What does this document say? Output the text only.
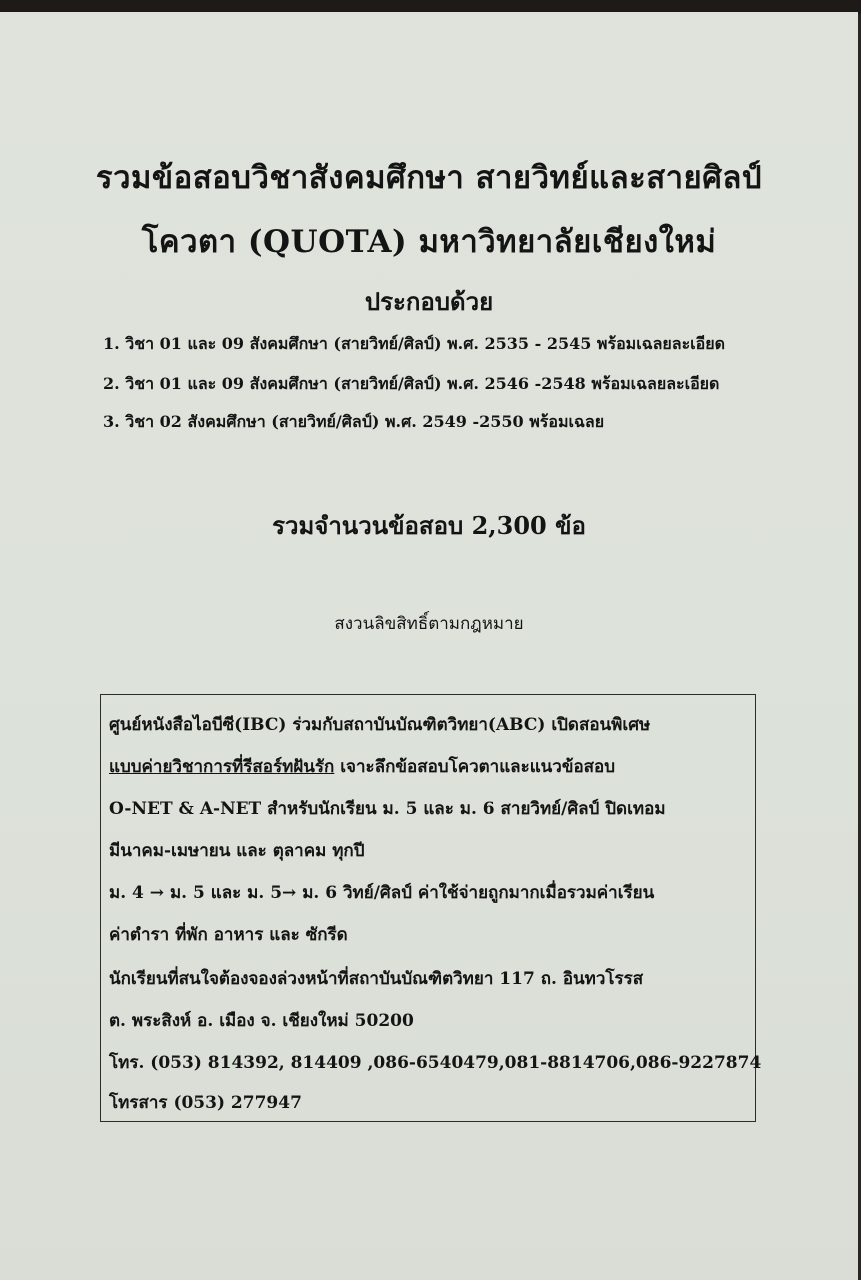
รวมข้อสอบวิชาสังคมศึกษา สายวิทย์และสายศิลป์
โควตา (QUOTA) มหาวิทยาลัยเชียงใหม่
ประกอบด้วย
1. วิชา 01 และ 09 สังคมศึกษา (สายวิทย์/ศิลป์) พ.ศ. 2535 - 2545 พร้อมเฉลยละเอียด
2. วิชา 01 และ 09 สังคมศึกษา (สายวิทย์/ศิลป์) พ.ศ. 2546 -2548 พร้อมเฉลยละเอียด
3. วิชา 02 สังคมศึกษา (สายวิทย์/ศิลป์) พ.ศ. 2549 -2550 พร้อมเฉลย
รวมจำนวนข้อสอบ 2,300 ข้อ
สงวนลิขสิทธิ์ตามกฎหมาย
ศูนย์หนังสือไอบีซี(IBC) ร่วมกับสถาบันบัณฑิตวิทยา(ABC) เปิดสอนพิเศษ
แบบค่ายวิชาการที่รีสอร์ทฝันรัก เจาะลึกข้อสอบโควตาและแนวข้อสอบ
O-NET & A-NET สำหรับนักเรียน ม. 5 และ ม. 6 สายวิทย์/ศิลป์ ปิดเทอม
มีนาคม-เมษายน และ ตุลาคม ทุกปี
ม. 4 → ม. 5 และ ม. 5→ ม. 6 วิทย์/ศิลป์ ค่าใช้จ่ายถูกมากเมื่อรวมค่าเรียน
ค่าตำรา ที่พัก อาหาร และ ซักรีด
นักเรียนที่สนใจต้องจองล่วงหน้าที่สถาบันบัณฑิตวิทยา 117 ถ. อินทวโรรส
ต. พระสิงห์ อ. เมือง จ. เชียงใหม่ 50200
โทร. (053) 814392, 814409 ,086-6540479,081-8814706,086-9227874
โทรสาร (053) 277947
